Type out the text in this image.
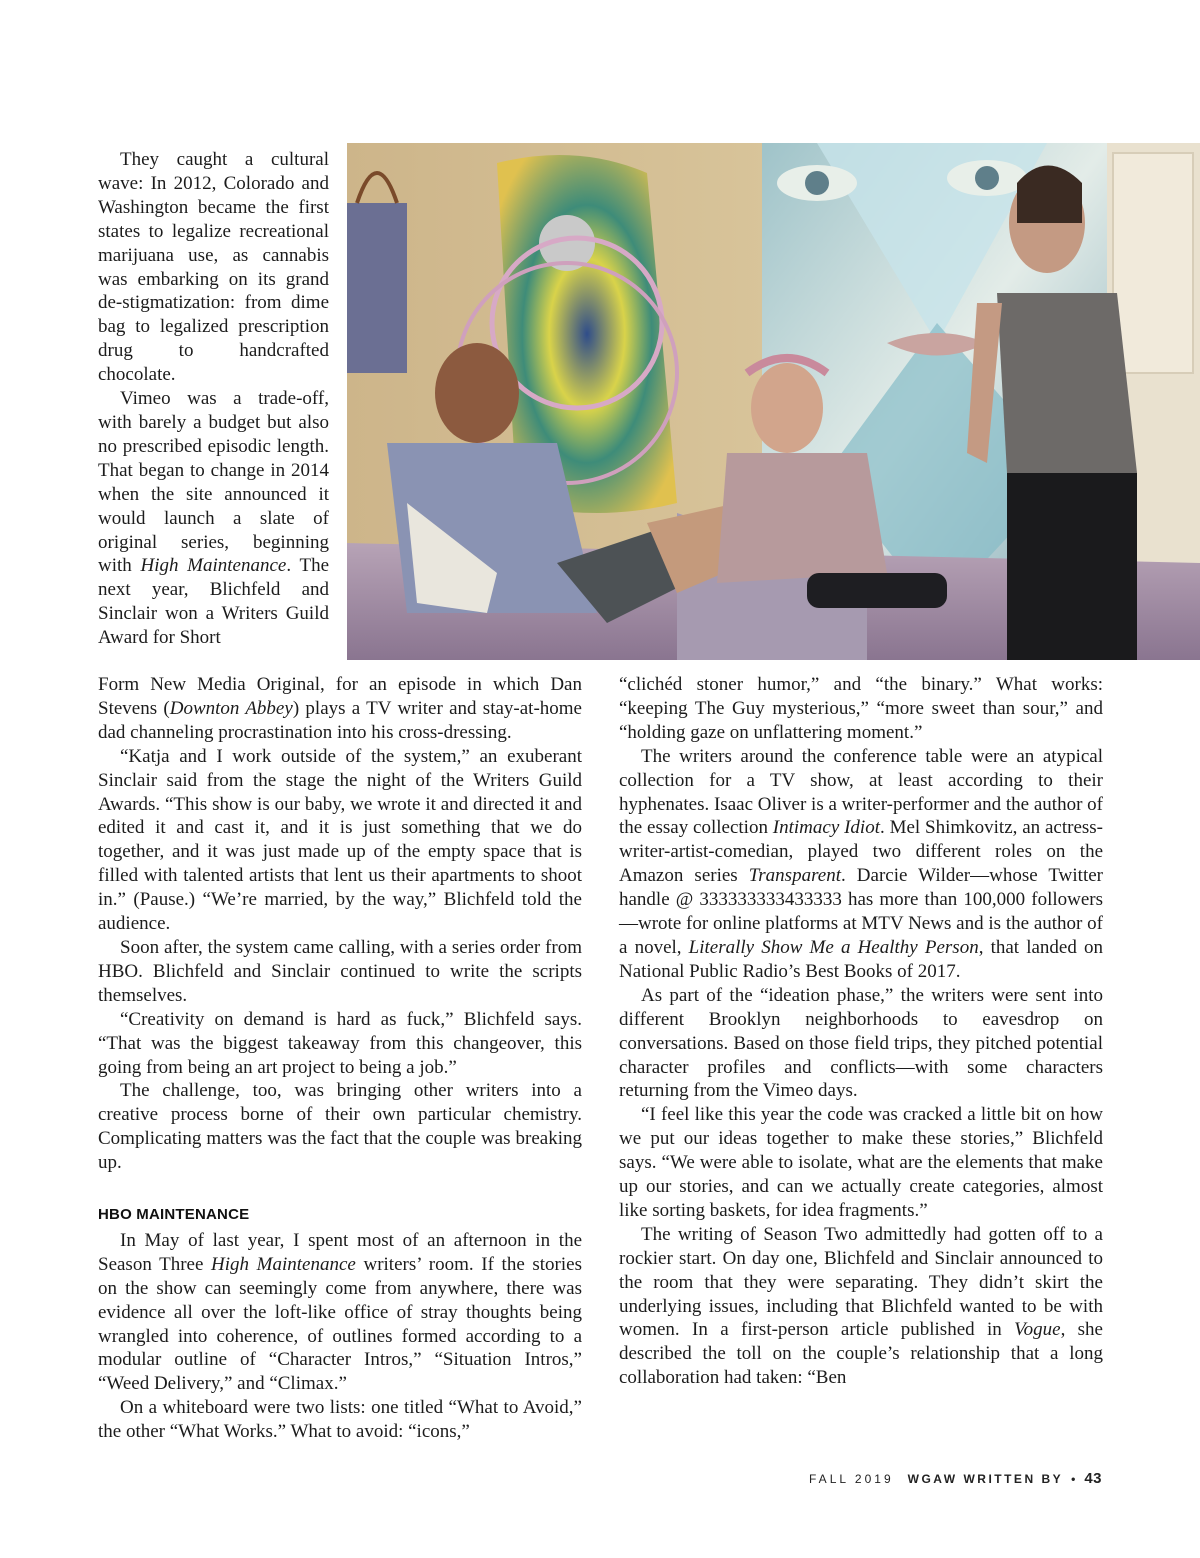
They caught a cultural wave: In 2012, Colorado and Washington became the first states to legalize recreational marijuana use, as cannabis was embarking on its grand de-stigmatization: from dime bag to legalized prescription drug to handcrafted chocolate.

Vimeo was a trade-off, with barely a budget but also no prescribed episodic length. That began to change in 2014 when the site announced it would launch a slate of original series, beginning with High Maintenance. The next year, Blichfeld and Sinclair won a Writers Guild Award for Short

Form New Media Original, for an episode in which Dan Stevens (Downton Abbey) plays a TV writer and stay-at-home dad channeling procrastination into his cross-dressing.

“Katja and I work outside of the system,” an exuberant Sinclair said from the stage the night of the Writers Guild Awards. “This show is our baby, we wrote it and directed it and edited it and cast it, and it is just something that we do together, and it was just made up of the empty space that is filled with talented artists that lent us their apartments to shoot in.” (Pause.) “We’re married, by the way,” Blichfeld told the audience.

Soon after, the system came calling, with a series order from HBO. Blichfeld and Sinclair continued to write the scripts themselves.

“Creativity on demand is hard as fuck,” Blichfeld says. “That was the biggest takeaway from this changeover, this going from being an art project to being a job.”

The challenge, too, was bringing other writers into a creative process borne of their own particular chemistry. Complicating matters was the fact that the couple was breaking up.

HBO MAINTENANCE

In May of last year, I spent most of an afternoon in the Season Three High Maintenance writers’ room. If the stories on the show can seemingly come from anywhere, there was evidence all over the loft-like office of stray thoughts being wrangled into coherence, of outlines formed according to a modular outline of “Character Intros,” “Situation Intros,” “Weed Delivery,” and “Climax.”

On a whiteboard were two lists: one titled “What to Avoid,” the other “What Works.” What to avoid: “icons,”

“clichéd stoner humor,” and “the binary.” What works: “keeping The Guy mysterious,” “more sweet than sour,” and “holding gaze on unflattering moment.”

The writers around the conference table were an atypical collection for a TV show, at least according to their hyphenates. Isaac Oliver is a writer-performer and the author of the essay collection Intimacy Idiot. Mel Shimkovitz, an actress-writer-artist-comedian, played two different roles on the Amazon series Transparent. Darcie Wilder—whose Twitter handle @ 333333333433333 has more than 100,000 followers—wrote for online platforms at MTV News and is the author of a novel, Literally Show Me a Healthy Person, that landed on National Public Radio’s Best Books of 2017.

As part of the “ideation phase,” the writers were sent into different Brooklyn neighborhoods to eavesdrop on conversations. Based on those field trips, they pitched potential character profiles and conflicts—with some characters returning from the Vimeo days.

“I feel like this year the code was cracked a little bit on how we put our ideas together to make these stories,” Blichfeld says. “We were able to isolate, what are the elements that make up our stories, and can we actually create categories, almost like sorting baskets, for idea fragments.”

The writing of Season Two admittedly had gotten off to a rockier start. On day one, Blichfeld and Sinclair announced to the room that they were separating. They didn’t skirt the underlying issues, including that Blichfeld wanted to be with women. In a first-person article published in Vogue, she described the toll on the couple’s relationship that a long collaboration had taken: “Ben

FALL 2019 WGAW WRITTEN BY • 43
